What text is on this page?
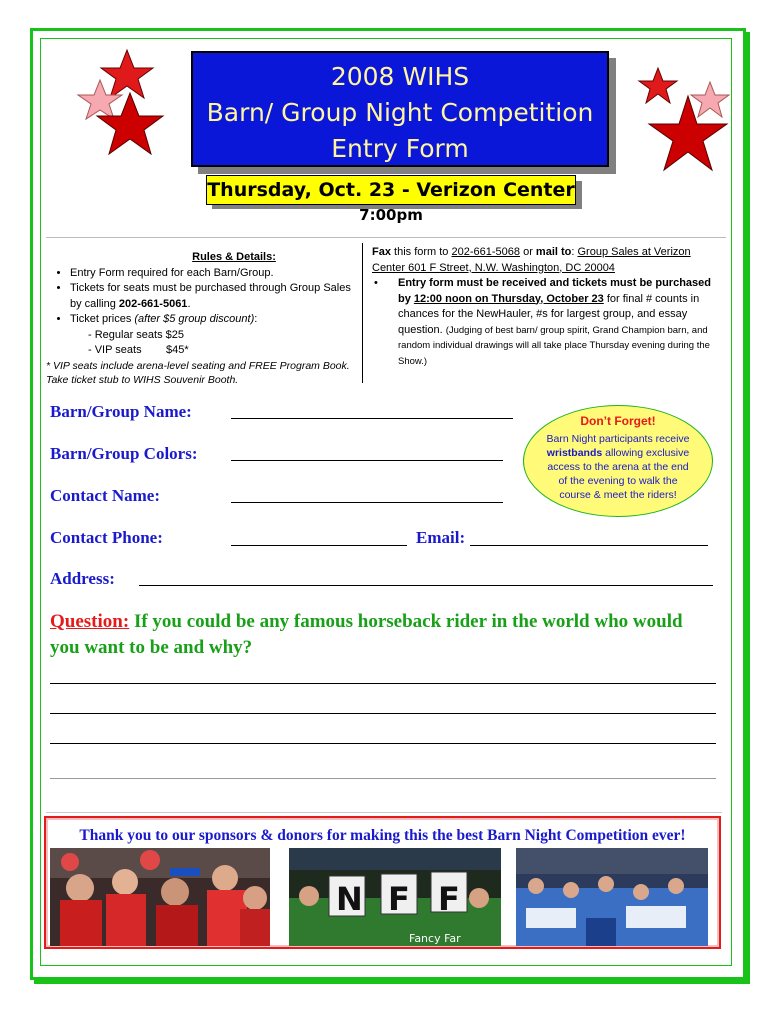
2008 WIHS
Barn/ Group Night Competition
Entry Form
Thursday, Oct. 23 - Verizon Center
7:00pm
Rules & Details:
• Entry Form required for each Barn/Group.
• Tickets for seats must be purchased through Group Sales by calling 202-661-5061.
• Ticket prices (after $5 group discount):
- Regular seats $25
- VIP seats        $45*
* VIP seats include arena-level seating and FREE Program Book. Take ticket stub to WIHS Souvenir Booth.
Fax this form to 202-661-5068 or mail to: Group Sales at Verizon Center 601 F Street, N.W. Washington, DC 20004
•	Entry form must be received and tickets must be purchased by 12:00 noon on Thursday, October 23 for final # counts in chances for the NewHauler, #s for largest group, and essay question. (Judging of best barn/ group spirit, Grand Champion barn, and random individual drawings will all take place Thursday evening during the Show.)
Barn/Group Name:
Barn/Group Colors:
Contact Name:
Contact Phone:	Email:
Address:
Don’t Forget!
Barn Night participants receive wristbands allowing exclusive access to the arena at the end of the evening to walk the course & meet the riders!
Question: If you could be any famous horseback rider in the world who would you want to be and why?
Thank you to our sponsors & donors for making this the best Barn Night Competition ever!
N F F
Fancy Far
